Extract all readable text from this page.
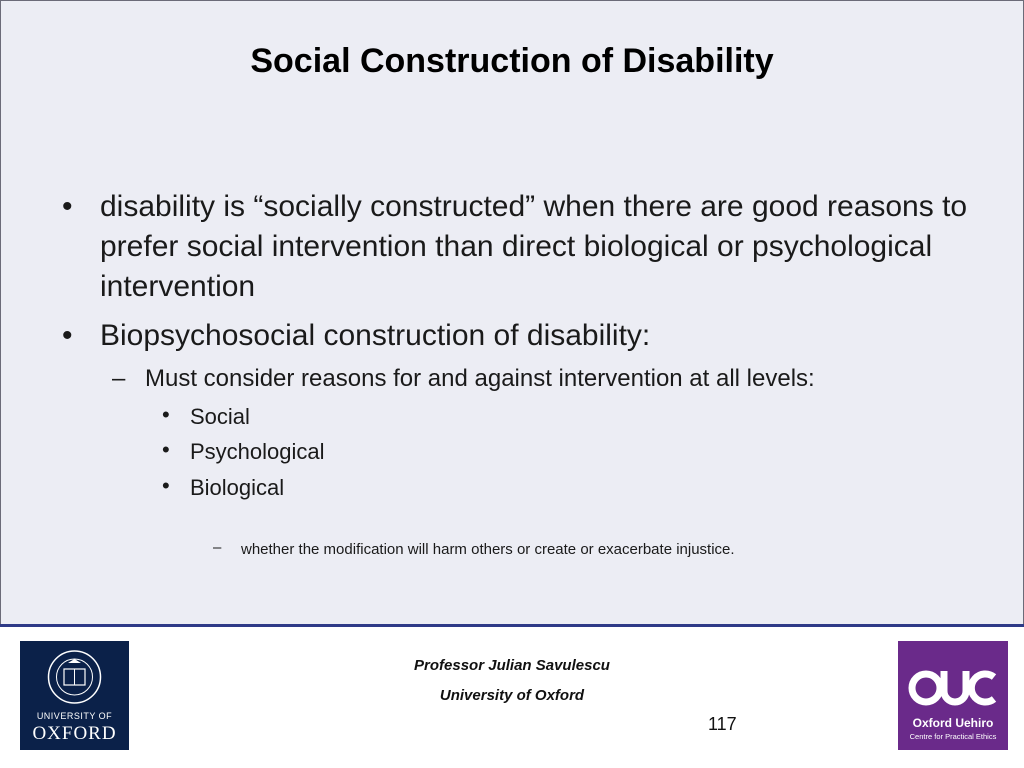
Social Construction of Disability
• disability is “socially constructed” when there are good reasons to prefer social intervention than direct biological or psychological intervention
• Biopsychosocial construction of disability:
– Must consider reasons for and against intervention at all levels:
• Social
• Psychological
• Biological
– whether the modification will harm others or create or exacerbate injustice.
UNIVERSITY OF
OXFORD
Professor Julian Savulescu
University of Oxford
117	Oxford Uehiro
Centre for Practical Ethics
